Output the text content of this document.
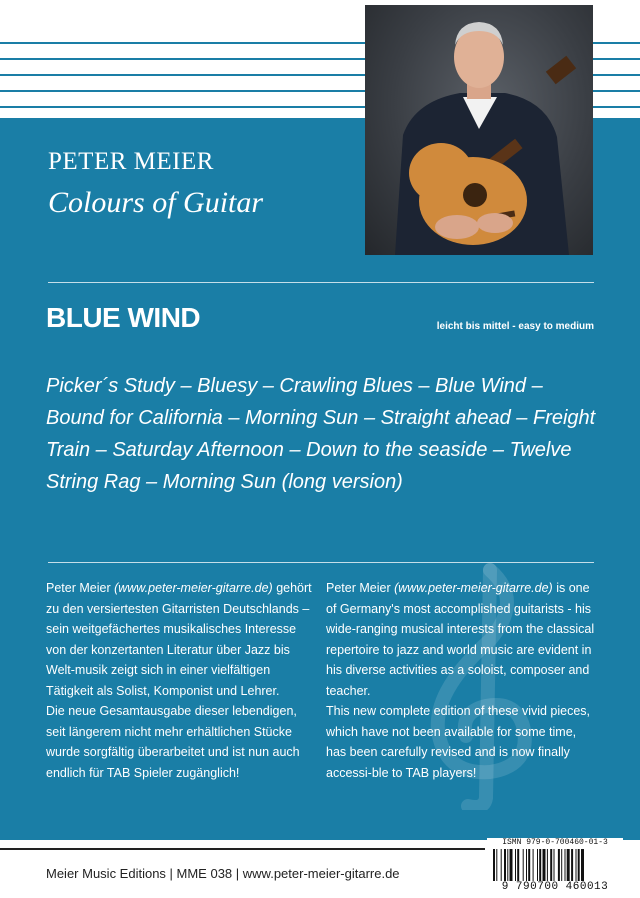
PETER MEIER
Colours of Guitar
BLUE WIND	leicht bis mittel - easy to medium
Picker´s Study – Bluesy – Crawling Blues – Blue Wind – Bound for California – Morning Sun – Straight ahead – Freight Train – Saturday Afternoon – Down to the seaside – Twelve String Rag – Morning Sun (long version)

Peter Meier (www.peter-meier-gitarre.de) gehört zu den versiertesten Gitarristen Deutschlands – sein weitgefächertes musikalisches Interesse von der konzertanten Literatur über Jazz bis Welt-musik zeigt sich in einer vielfältigen Tätigkeit als Solist, Komponist und Lehrer.

Die neue Gesamtausgabe dieser lebendigen, seit längerem nicht mehr erhältlichen Stücke wurde sorgfältig überarbeitet und ist nun auch endlich für TAB Spieler zugänglich!

Peter Meier (www.peter-meier-gitarre.de) is one of Germany's most accomplished guitarists - his wide-ranging musical interests from the classical repertoire to jazz and world music are evident in his diverse activities as a soloist, composer and teacher.

This new complete edition of these vivid pieces, which have not been available for some time, has been carefully revised and is now finally accessi-ble to TAB players!

Meier Music Editions | MME 038 | www.peter-meier-gitarre.de
ISMN 979-0-700460-01-3
9 790700 460013
